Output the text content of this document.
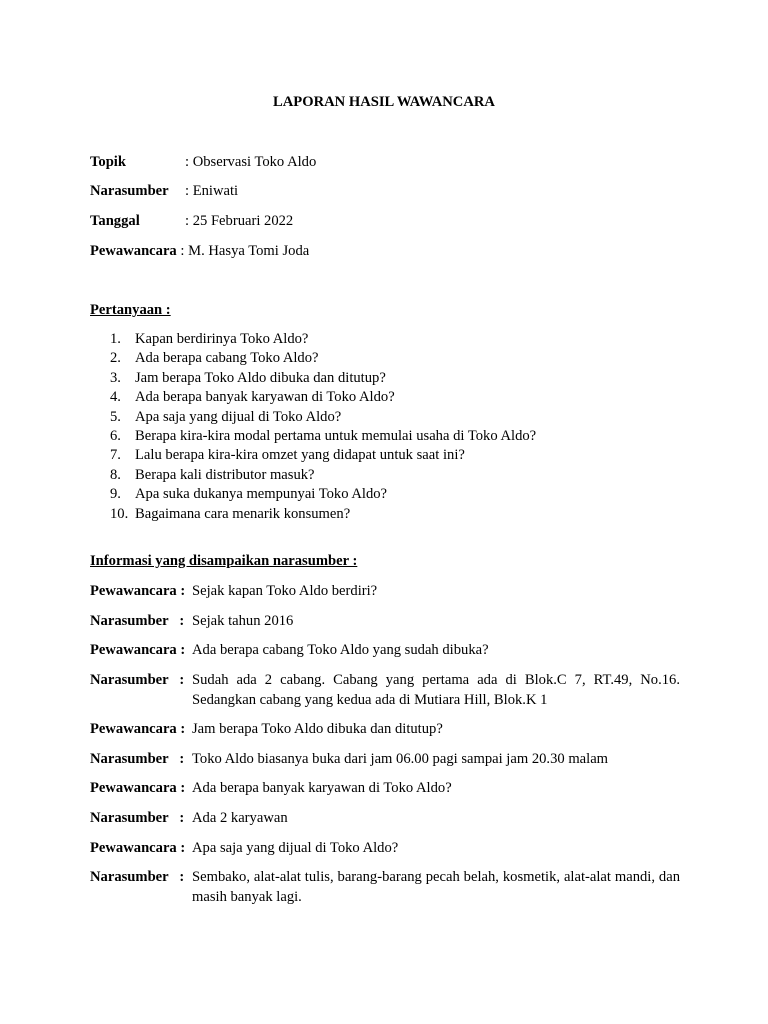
LAPORAN HASIL WAWANCARA
Topik	: Observasi Toko Aldo
Narasumber : Eniwati
Tanggal	: 25 Februari 2022
Pewawancara : M. Hasya Tomi Joda
Pertanyaan :
1. Kapan berdirinya Toko Aldo?
2. Ada berapa cabang Toko Aldo?
3. Jam berapa Toko Aldo dibuka dan ditutup?
4. Ada berapa banyak karyawan di Toko Aldo?
5. Apa saja yang dijual di Toko Aldo?
6. Berapa kira-kira modal pertama untuk memulai usaha di Toko Aldo?
7. Lalu berapa kira-kira omzet yang didapat untuk saat ini?
8. Berapa kali distributor masuk?
9. Apa suka dukanya mempunyai Toko Aldo?
10. Bagaimana cara menarik konsumen?
Informasi yang disampaikan narasumber :
Pewawancara : Sejak kapan Toko Aldo berdiri?
Narasumber   : Sejak tahun 2016
Pewawancara : Ada berapa cabang Toko Aldo yang sudah dibuka?
Narasumber   : Sudah ada 2 cabang. Cabang yang pertama ada di Blok.C 7, RT.49, No.16. Sedangkan cabang yang kedua ada di Mutiara Hill, Blok.K 1
Pewawancara : Jam berapa Toko Aldo dibuka dan ditutup?
Narasumber   : Toko Aldo biasanya buka dari jam 06.00 pagi sampai jam 20.30 malam
Pewawancara : Ada berapa banyak karyawan di Toko Aldo?
Narasumber   : Ada 2 karyawan
Pewawancara : Apa saja yang dijual di Toko Aldo?
Narasumber   : Sembako, alat-alat tulis, barang-barang pecah belah, kosmetik, alat-alat mandi, dan masih banyak lagi.
